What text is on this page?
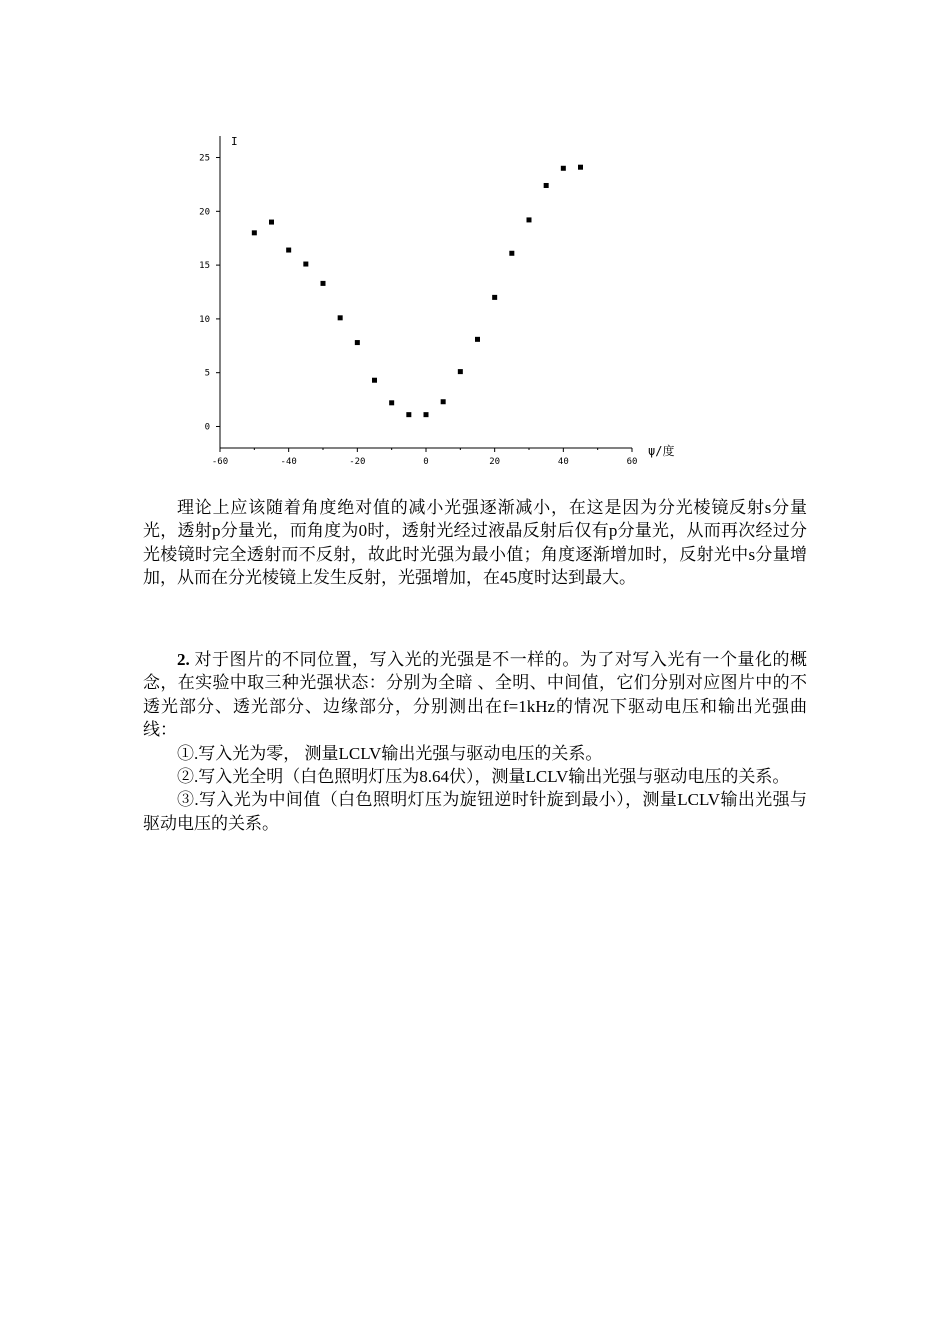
-60	-40	-20	0	20	40	60
0
5
10
15
20
25
I
ψ/度

理论上应该随着角度绝对值的减小光强逐渐减小，在这是因为分光棱镜反射s分量光，透射p分量光，而角度为0时，透射光经过液晶反射后仅有p分量光，从而再次经过分光棱镜时完全透射而不反射，故此时光强为最小值；角度逐渐增加时，反射光中s分量增加，从而在分光棱镜上发生反射，光强增加，在45度时达到最大。

2. 对于图片的不同位置，写入光的光强是不一样的。为了对写入光有一个量化的概念，在实验中取三种光强状态：分别为全暗 、全明、中间值，它们分别对应图片中的不透光部分、透光部分、边缘部分，分别测出在f=1kHz的情况下驱动电压和输出光强曲线：

①.写入光为零， 测量LCLV输出光强与驱动电压的关系。

②.写入光全明（白色照明灯压为8.64伏），测量LCLV输出光强与驱动电压的关系。

③.写入光为中间值（白色照明灯压为旋钮逆时针旋到最小），测量LCLV输出光强与驱动电压的关系。
